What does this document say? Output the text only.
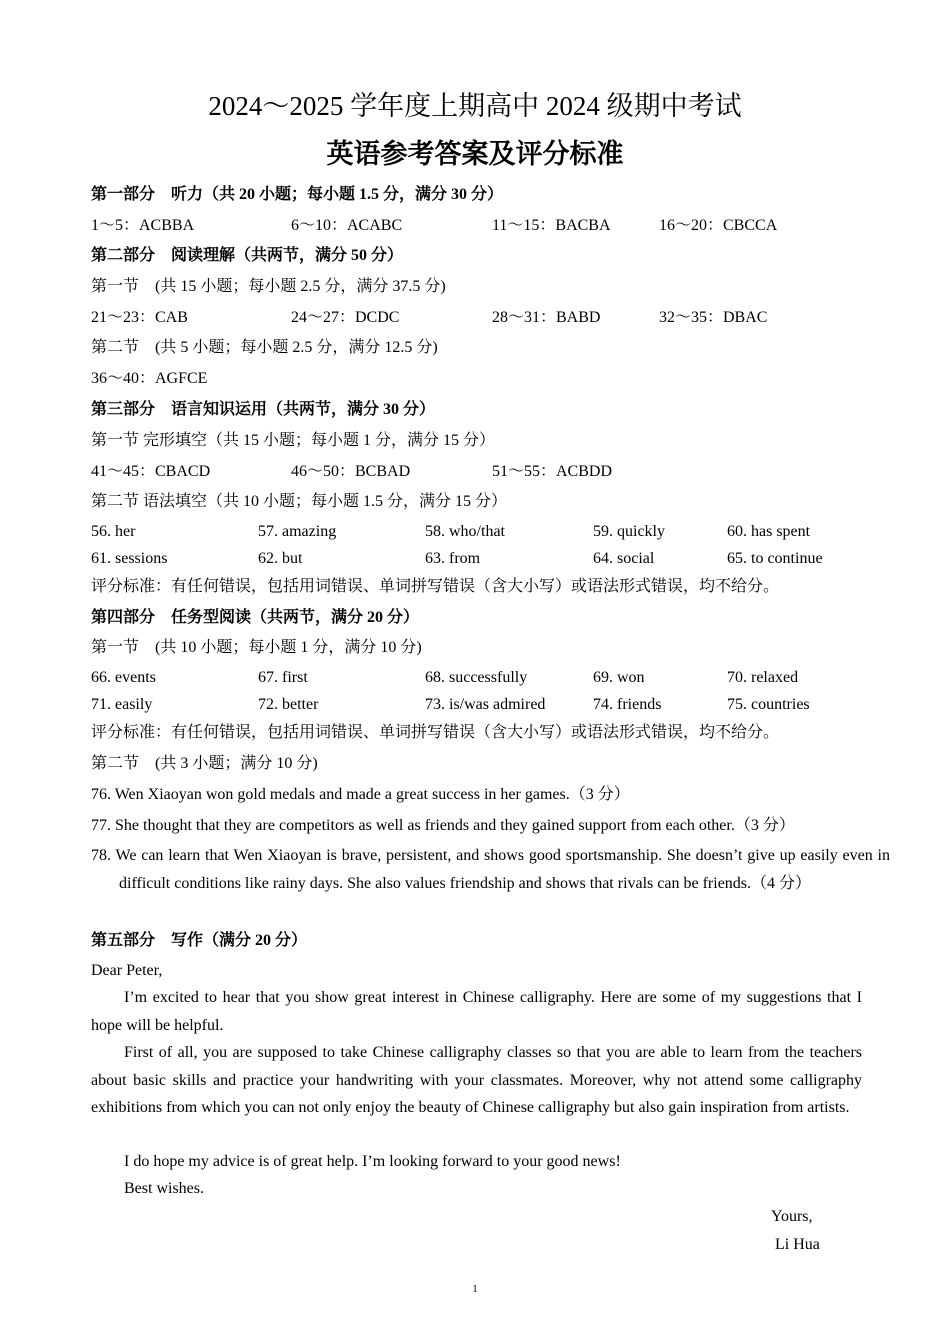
2024～2025 学年度上期高中 2024 级期中考试
英语参考答案及评分标准
第一部分　听力（共 20 小题；每小题 1.5 分，满分 30 分）
1～5：ACBBA	6～10：ACABC	11～15：BACBA	16～20：CBCCA
第二部分　阅读理解（共两节，满分 50 分）
第一节　(共 15 小题；每小题 2.5 分，满分 37.5 分)
21～23：CAB	24～27：DCDC	28～31：BABD	32～35：DBAC
第二节　(共 5 小题；每小题 2.5 分，满分 12.5 分)
36～40：AGFCE
第三部分　语言知识运用（共两节，满分 30 分）
第一节 完形填空（共 15 小题；每小题 1 分，满分 15 分）
41～45：CBACD	46～50：BCBAD	51～55：ACBDD
第二节 语法填空（共 10 小题；每小题 1.5 分，满分 15 分）
56. her	57. amazing	58. who/that	59. quickly	60. has spent
61. sessions	62. but	63. from	64. social	65. to continue
评分标准：有任何错误，包括用词错误、单词拼写错误（含大小写）或语法形式错误，均不给分。
第四部分　任务型阅读（共两节，满分 20 分）
第一节　(共 10 小题；每小题 1 分，满分 10 分)
66. events	67. first	68. successfully	69. won	70. relaxed
71. easily	72. better	73. is/was admired	74. friends	75. countries
评分标准：有任何错误，包括用词错误、单词拼写错误（含大小写）或语法形式错误，均不给分。
第二节　(共 3 小题；满分 10 分)
76. Wen Xiaoyan won gold medals and made a great success in her games.（3 分）
77. She thought that they are competitors as well as friends and they gained support from each other.（3 分）
78. We can learn that Wen Xiaoyan is brave, persistent, and shows good sportsmanship. She doesn’t give up easily even in difficult conditions like rainy days. She also values friendship and shows that rivals can be friends.（4 分）
第五部分　写作（满分 20 分）
Dear Peter,
I’m excited to hear that you show great interest in Chinese calligraphy. Here are some of my suggestions that I hope will be helpful.
First of all, you are supposed to take Chinese calligraphy classes so that you are able to learn from the teachers about basic skills and practice your handwriting with your classmates. Moreover, why not attend some calligraphy exhibitions from which you can not only enjoy the beauty of Chinese calligraphy but also gain inspiration from artists.
I do hope my advice is of great help. I’m looking forward to your good news!
Best wishes.
Yours,
Li Hua
1
